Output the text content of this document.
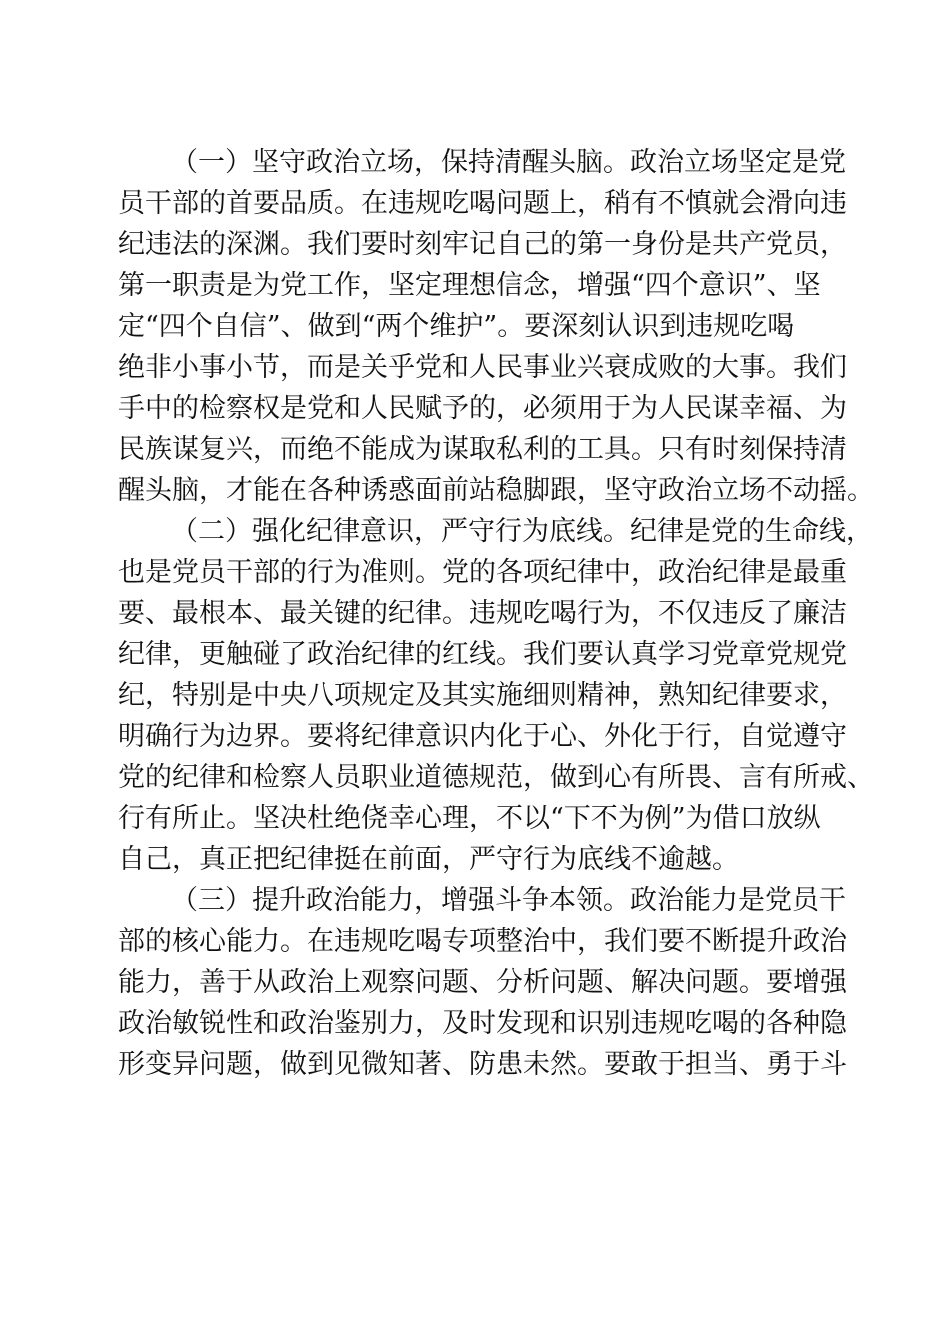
（一）坚守政治立场，保持清醒头脑。政治立场坚定是党
员干部的首要品质。在违规吃喝问题上，稍有不慎就会滑向违
纪违法的深渊。我们要时刻牢记自己的第一身份是共产党员，
第一职责是为党工作，坚定理想信念，增强“四个意识”、坚
定“四个自信”、做到“两个维护”。要深刻认识到违规吃喝
绝非小事小节，而是关乎党和人民事业兴衰成败的大事。我们
手中的检察权是党和人民赋予的，必须用于为人民谋幸福、为
民族谋复兴，而绝不能成为谋取私利的工具。只有时刻保持清
醒头脑，才能在各种诱惑面前站稳脚跟，坚守政治立场不动摇。
（二）强化纪律意识，严守行为底线。纪律是党的生命线，
也是党员干部的行为准则。党的各项纪律中，政治纪律是最重
要、最根本、最关键的纪律。违规吃喝行为，不仅违反了廉洁
纪律，更触碰了政治纪律的红线。我们要认真学习党章党规党
纪，特别是中央八项规定及其实施细则精神，熟知纪律要求，
明确行为边界。要将纪律意识内化于心、外化于行，自觉遵守
党的纪律和检察人员职业道德规范，做到心有所畏、言有所戒、
行有所止。坚决杜绝侥幸心理，不以“下不为例”为借口放纵
自己，真正把纪律挺在前面，严守行为底线不逾越。
（三）提升政治能力，增强斗争本领。政治能力是党员干
部的核心能力。在违规吃喝专项整治中，我们要不断提升政治
能力，善于从政治上观察问题、分析问题、解决问题。要增强
政治敏锐性和政治鉴别力，及时发现和识别违规吃喝的各种隐
形变异问题，做到见微知著、防患未然。要敢于担当、勇于斗
